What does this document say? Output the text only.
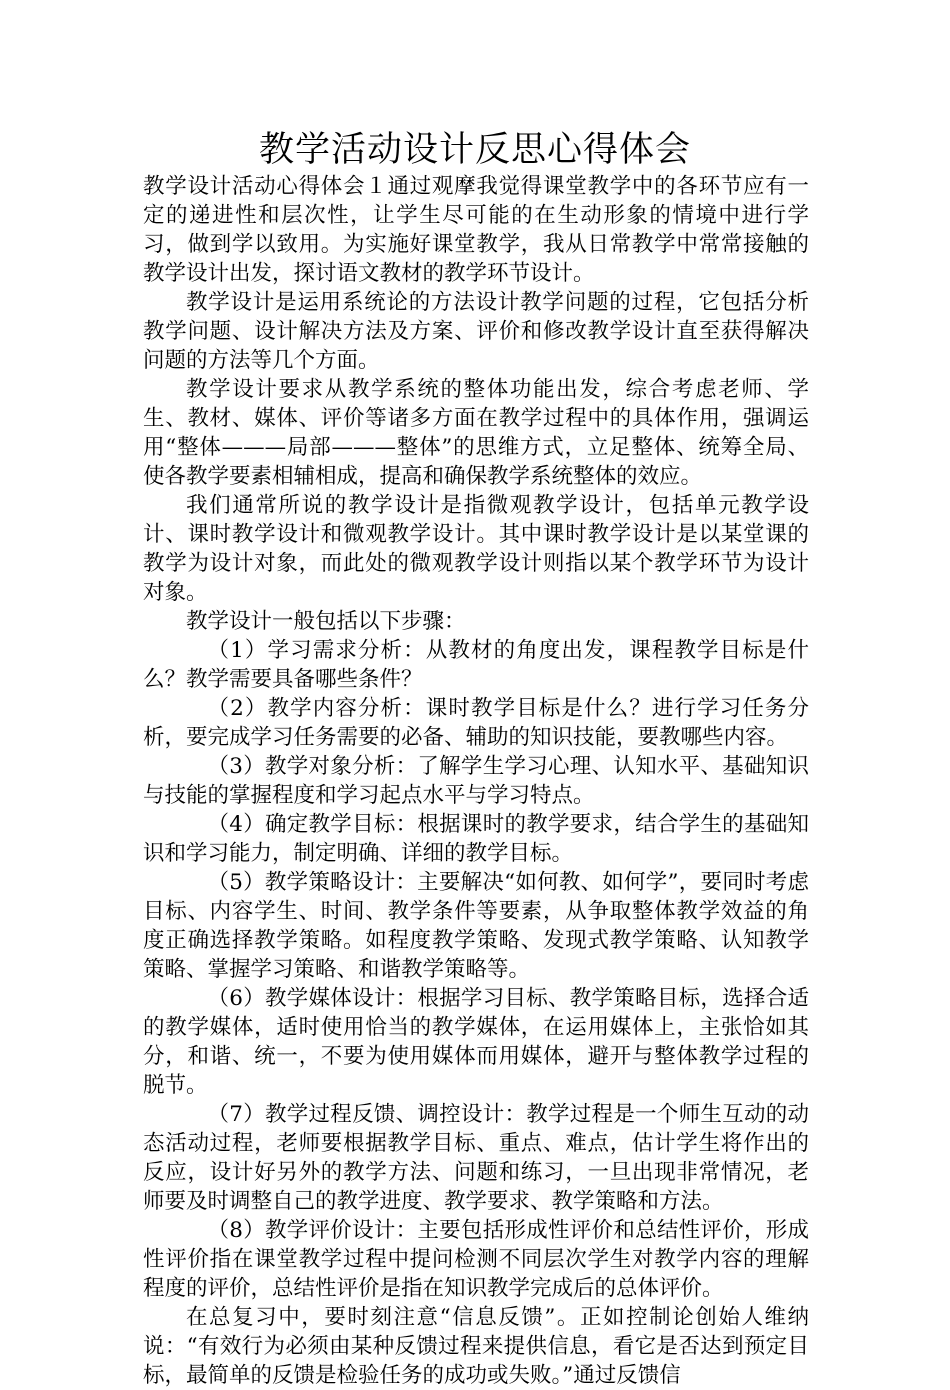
教学活动设计反思心得体会

教学设计活动心得体会１通过观摩我觉得课堂教学中的各环节应有一定的递进性和层次性，让学生尽可能的在生动形象的情境中进行学习，做到学以致用。为实施好课堂教学，我从日常教学中常常接触的教学设计出发，探讨语文教材的教学环节设计。

教学设计是运用系统论的方法设计教学问题的过程，它包括分析教学问题、设计解决方法及方案、评价和修改教学设计直至获得解决问题的方法等几个方面。

教学设计要求从教学系统的整体功能出发，综合考虑老师、学生、教材、媒体、评价等诸多方面在教学过程中的具体作用，强调运用“整体———局部———整体”的思维方式，立足整体、统筹全局、使各教学要素相辅相成，提高和确保教学系统整体的效应。

我们通常所说的教学设计是指微观教学设计，包括单元教学设计、课时教学设计和微观教学设计。其中课时教学设计是以某堂课的教学为设计对象，而此处的微观教学设计则指以某个教学环节为设计对象。

教学设计一般包括以下步骤：

（1）学习需求分析：从教材的角度出发，课程教学目标是什么？教学需要具备哪些条件？

（2）教学内容分析：课时教学目标是什么？进行学习任务分析，要完成学习任务需要的必备、辅助的知识技能，要教哪些内容。

（3）教学对象分析：了解学生学习心理、认知水平、基础知识与技能的掌握程度和学习起点水平与学习特点。

（4）确定教学目标：根据课时的教学要求，结合学生的基础知识和学习能力，制定明确、详细的教学目标。

（5）教学策略设计：主要解决“如何教、如何学”，要同时考虑目标、内容学生、时间、教学条件等要素，从争取整体教学效益的角度正确选择教学策略。如程度教学策略、发现式教学策略、认知教学策略、掌握学习策略、和谐教学策略等。

（6）教学媒体设计：根据学习目标、教学策略目标，选择合适的教学媒体，适时使用恰当的教学媒体，在运用媒体上，主张恰如其分，和谐、统一，不要为使用媒体而用媒体，避开与整体教学过程的脱节。

（7）教学过程反馈、调控设计：教学过程是一个师生互动的动态活动过程，老师要根据教学目标、重点、难点，估计学生将作出的反应，设计好另外的教学方法、问题和练习，一旦出现非常情况，老师要及时调整自己的教学进度、教学要求、教学策略和方法。

（8）教学评价设计：主要包括形成性评价和总结性评价，形成性评价指在课堂教学过程中提问检测不同层次学生对教学内容的理解程度的评价，总结性评价是指在知识教学完成后的总体评价。

在总复习中，要时刻注意“信息反馈”。正如控制论创始人维纳说：“有效行为必须由某种反馈过程来提供信息，看它是否达到预定目标，最简单的反馈是检验任务的成功或失败。”通过反馈信
